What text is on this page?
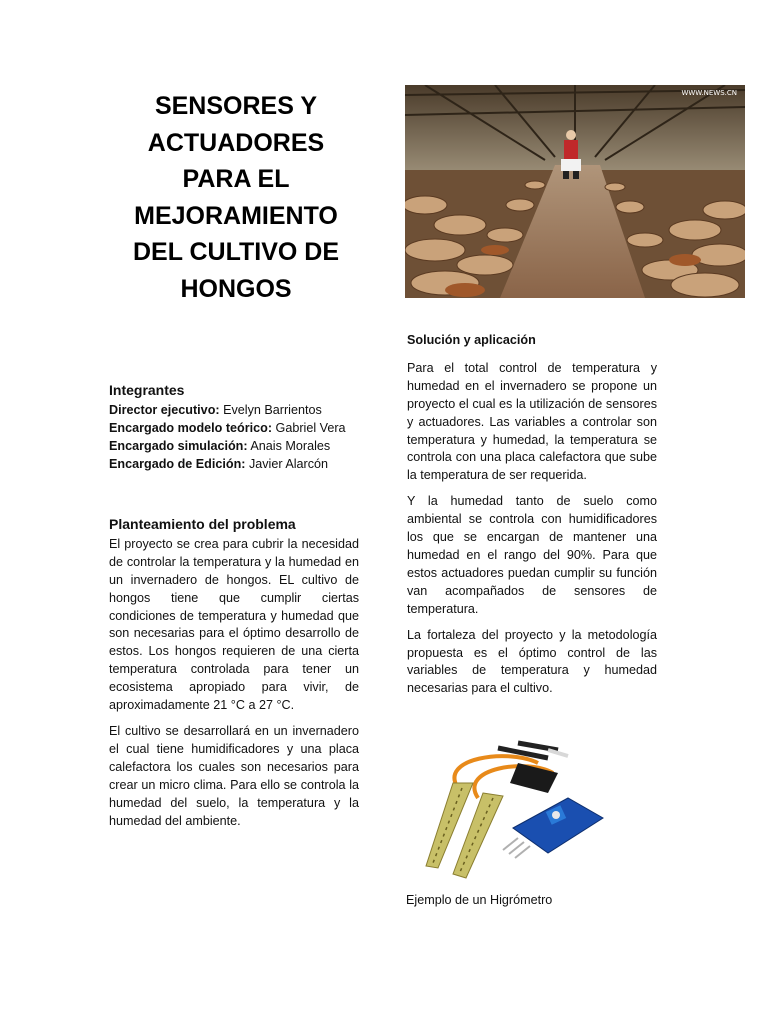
SENSORES Y
ACTUADORES
PARA EL
MEJORAMIENTO
DEL CULTIVO DE
HONGOS
WWW.NEWS.CN
Integrantes

Director ejecutivo: Evelyn Barrientos

Encargado modelo teórico: Gabriel Vera

Encargado simulación: Anais Morales

Encargado de Edición: Javier Alarcón

Planteamiento del problema

El proyecto se crea para cubrir la necesidad de controlar la temperatura y la humedad en un invernadero de hongos. EL cultivo de hongos tiene que cumplir ciertas condiciones de temperatura y humedad que son necesarias para el óptimo desarrollo de estos. Los hongos requieren de una cierta temperatura controlada para tener un ecosistema apropiado para vivir, de aproximadamente 21 °C a 27 °C.

El cultivo se desarrollará en un invernadero el cual tiene humidificadores y una placa calefactora los cuales son necesarios para crear un micro clima. Para ello se controla la humedad del suelo, la temperatura y la humedad del ambiente.

Solución y aplicación

Para el total control de temperatura y humedad en el invernadero se propone un proyecto el cual es la utilización de sensores y actuadores. Las variables a controlar son temperatura y humedad, la temperatura se controla con una placa calefactora que sube la temperatura de ser requerida.

Y la humedad tanto de suelo como ambiental se controla con humidificadores los que se encargan de mantener una humedad en el rango del 90%. Para que estos actuadores puedan cumplir su función van acompañados de sensores de temperatura.

La fortaleza del proyecto y la metodología propuesta es el óptimo control de las variables de temperatura y humedad necesarias para el cultivo.

Ejemplo de un Higrómetro
